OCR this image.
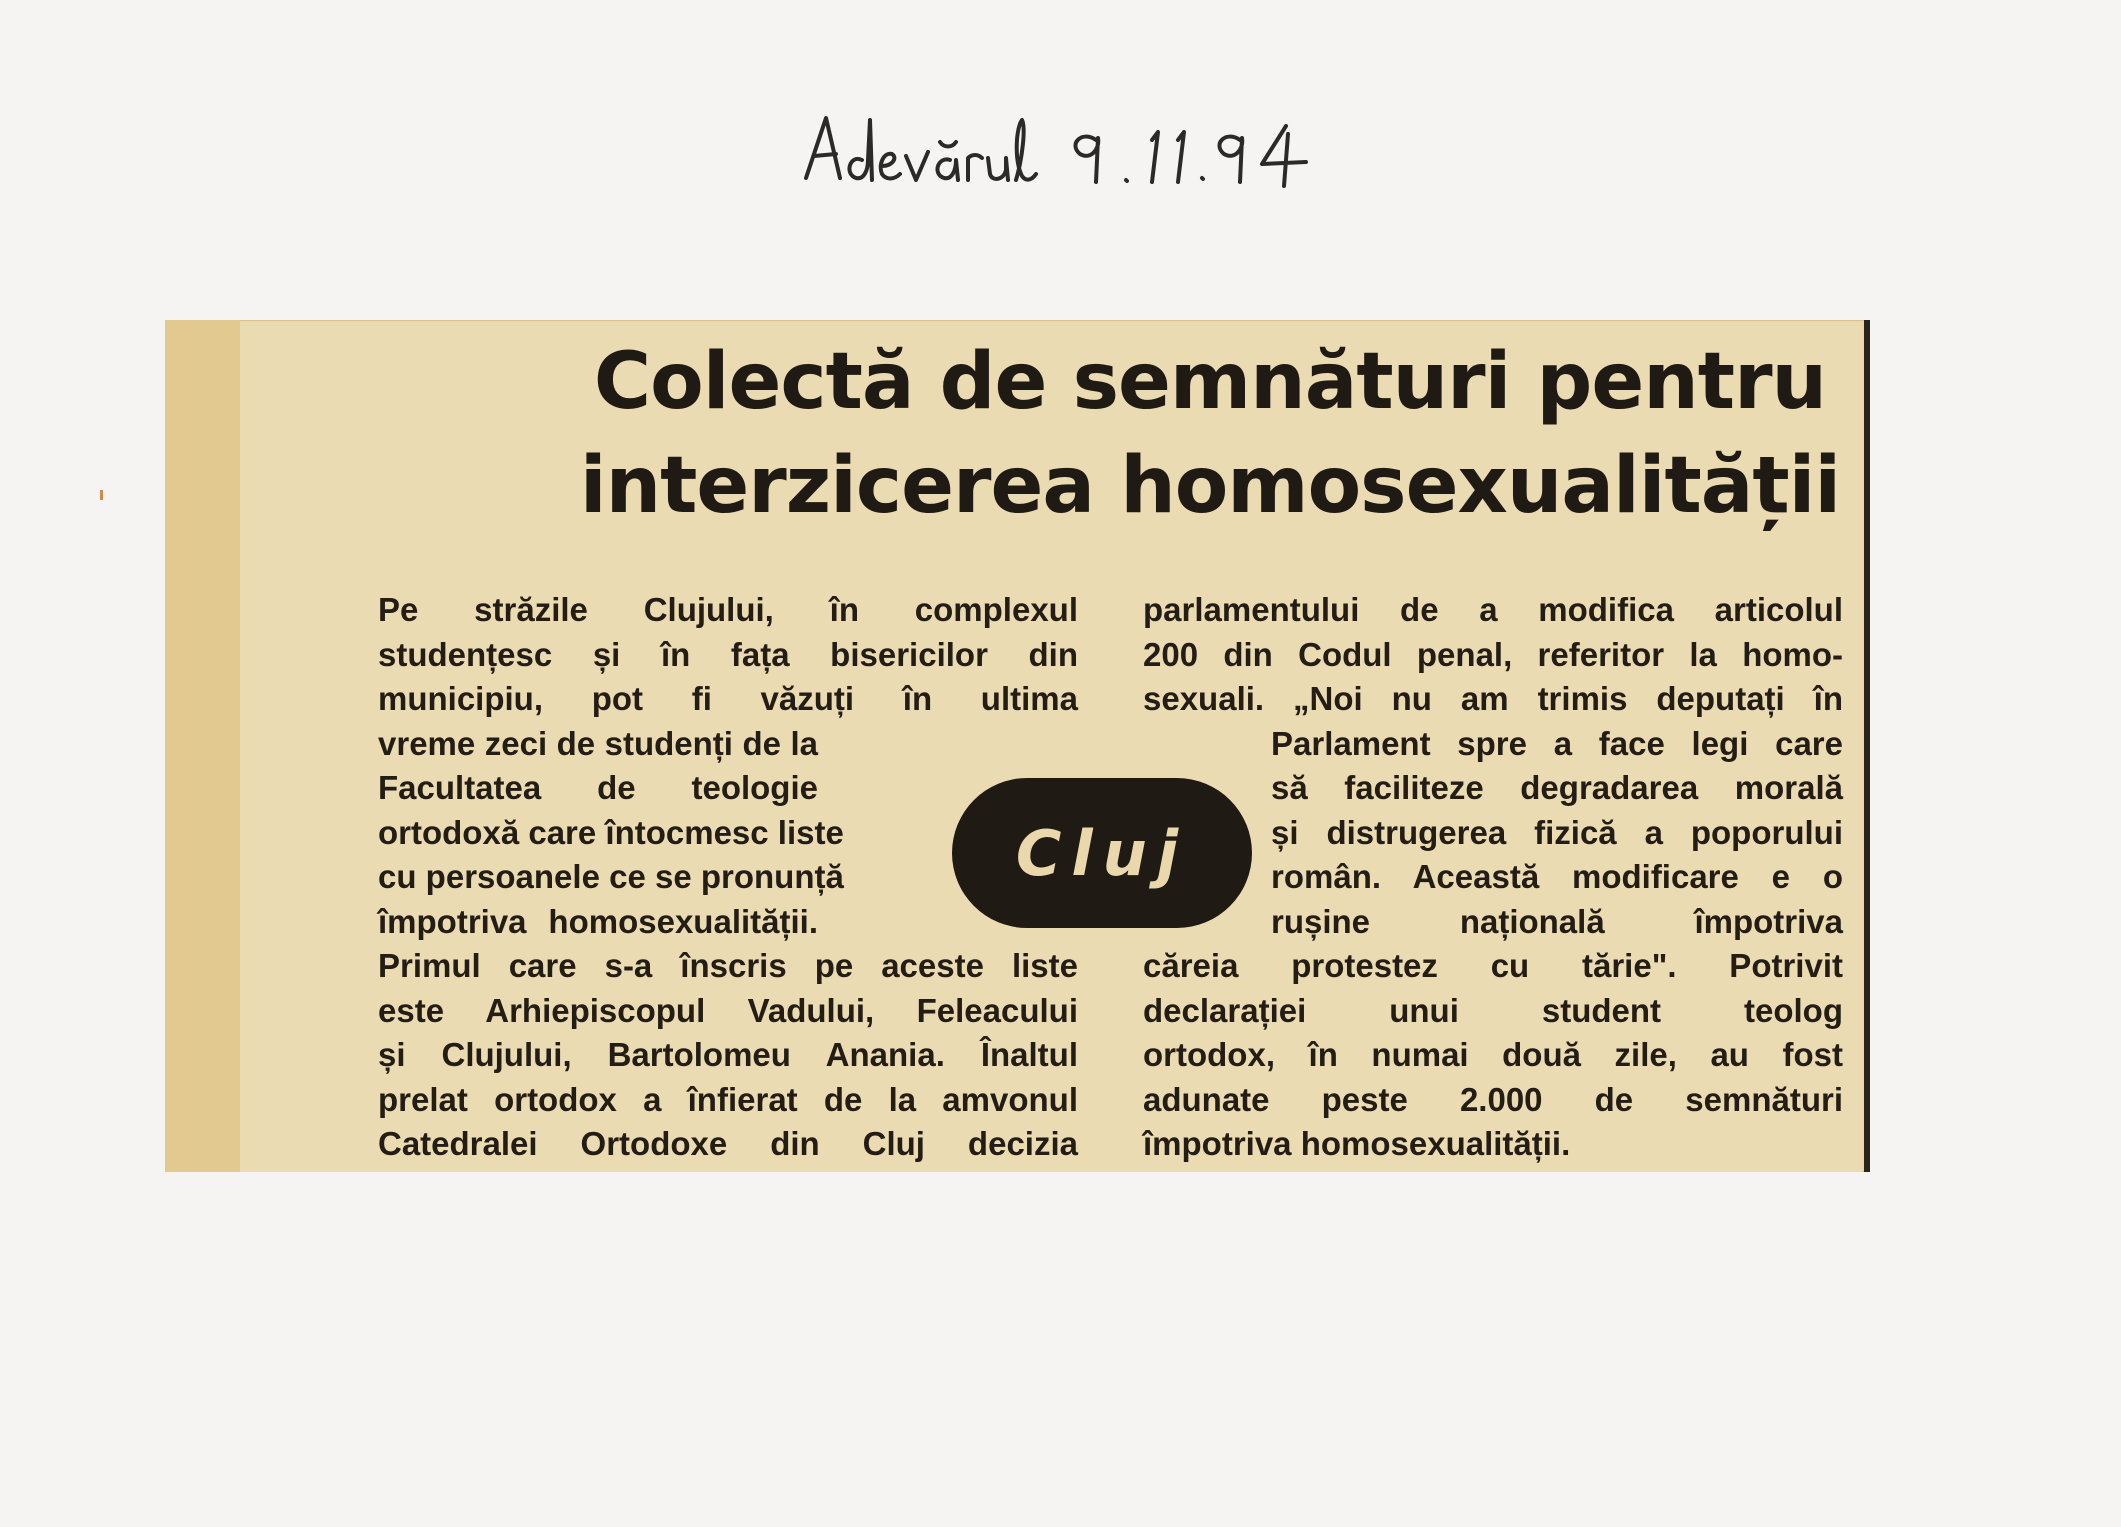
Colectă de semnături pentru
interzicerea homosexualității
Pe străzile Clujului, în complexul
studențesc și în fața bisericilor din
municipiu, pot fi văzuți în ultima
vreme zeci de studenți de la
Facultatea de teologie
ortodoxă care întocmesc liste
cu persoanele ce se pronunță
împotriva homosexualității.
Primul care s-a înscris pe aceste liste
este Arhiepiscopul Vadului, Feleacului
și Clujului, Bartolomeu Anania. Înaltul
prelat ortodox a înfierat de la amvonul
Catedralei Ortodoxe din Cluj decizia
parlamentului de a modifica articolul
200 din Codul penal, referitor la homo-
sexuali. „Noi nu am trimis deputați în
Parlament spre a face legi care
să faciliteze degradarea morală
și distrugerea fizică a poporului
român. Această modificare e o
rușine națională împotriva
căreia protestez cu tărie". Potrivit
declarației unui student teolog
ortodox, în numai două zile, au fost
adunate peste 2.000 de semnături
împotriva homosexualității.
Cluj
